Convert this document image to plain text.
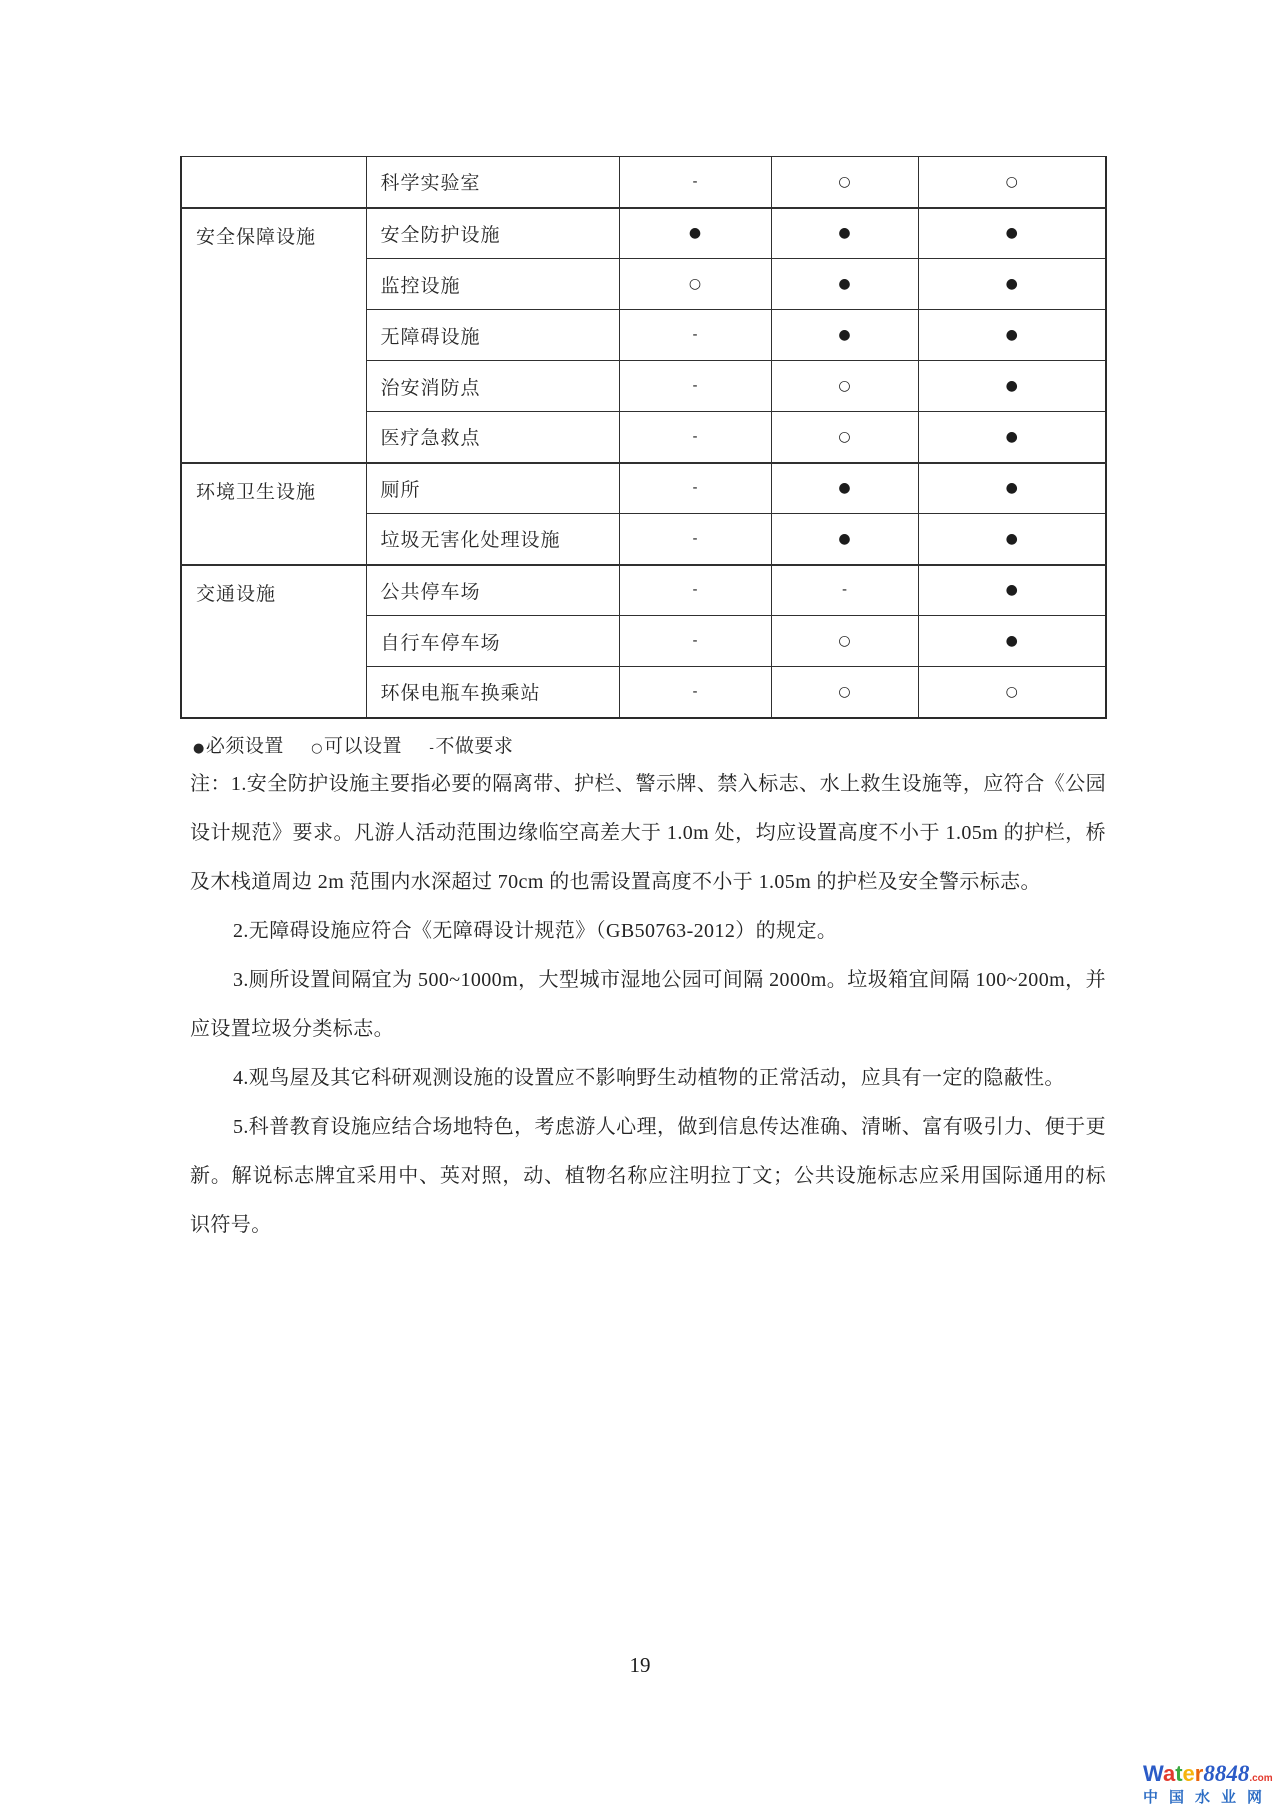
	科学实验室	-	○	○
安全保障设施	安全防护设施	●	●	●
	监控设施	○	●	●
	无障碍设施	-	●	●
	治安消防点	-	○	●
	医疗急救点	-	○	●
环境卫生设施	厕所	-	●	●
	垃圾无害化处理设施	-	●	●
交通设施	公共停车场	-	-	●
	自行车停车场	-	○	●
	环保电瓶车换乘站	-	○	○
●必须设置 ○可以设置 -不做要求

注：1.安全防护设施主要指必要的隔离带、护栏、警示牌、禁入标志、水上救生设施等，应符合《公园设计规范》要求。凡游人活动范围边缘临空高差大于 1.0m 处，均应设置高度不小于 1.05m 的护栏，桥及木栈道周边 2m 范围内水深超过 70cm 的也需设置高度不小于 1.05m 的护栏及安全警示标志。

2.无障碍设施应符合《无障碍设计规范》（GB50763-2012）的规定。

3.厕所设置间隔宜为 500~1000m，大型城市湿地公园可间隔 2000m。垃圾箱宜间隔 100~200m，并应设置垃圾分类标志。

4.观鸟屋及其它科研观测设施的设置应不影响野生动植物的正常活动，应具有一定的隐蔽性。

5.科普教育设施应结合场地特色，考虑游人心理，做到信息传达准确、清晰、富有吸引力、便于更新。解说标志牌宜采用中、英对照，动、植物名称应注明拉丁文；公共设施标志应采用国际通用的标识符号。

19
Water8848.com
中国水业网
